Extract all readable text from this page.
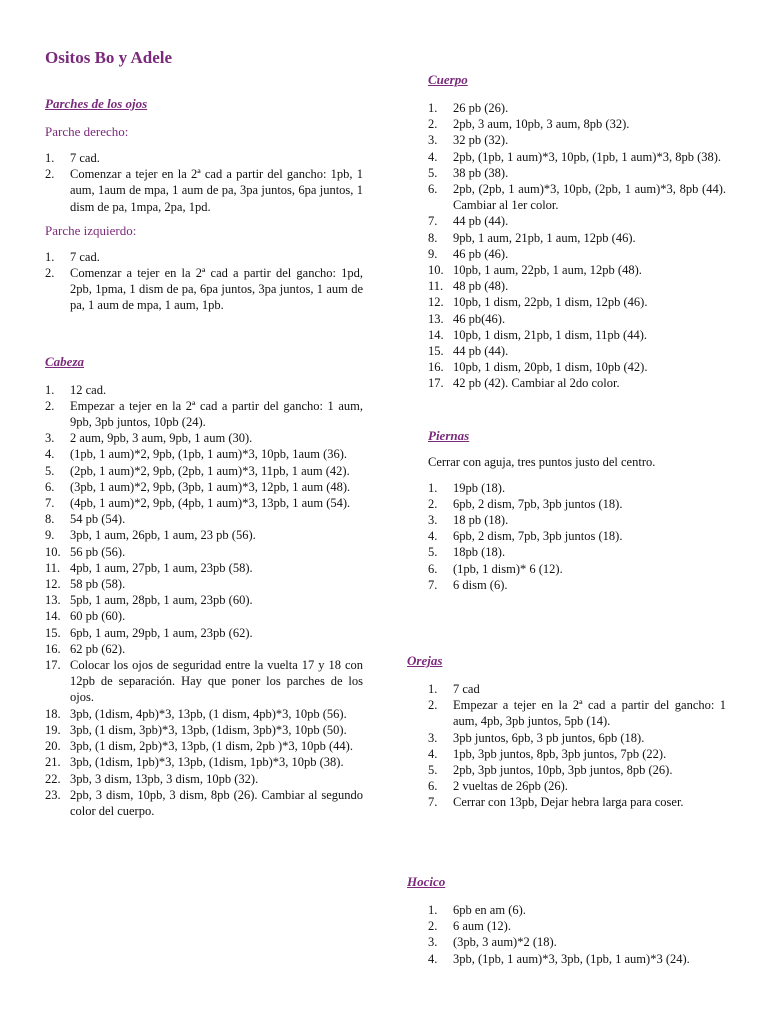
Ositos Bo y Adele
Parches de los ojos
Parche derecho:
1.	7 cad.
2.	Comenzar a tejer en la 2ª cad a partir del gancho: 1pb, 1 aum, 1aum de mpa, 1 aum de pa, 3pa juntos, 6pa juntos, 1 dism de pa, 1mpa, 2pa, 1pd.
Parche izquierdo:
1.	7 cad.
2.	Comenzar a tejer en la 2ª cad a partir del gancho: 1pd, 2pb, 1pma, 1 dism de pa, 6pa juntos, 3pa juntos, 1 aum de pa, 1 aum de mpa, 1 aum, 1pb.
Cabeza
1.	12 cad.
2.	Empezar a tejer en la 2ª cad a partir del gancho: 1 aum, 9pb, 3pb juntos, 10pb (24).
3.	2 aum, 9pb, 3 aum, 9pb, 1 aum (30).
4.	(1pb, 1 aum)*2, 9pb, (1pb, 1 aum)*3, 10pb, 1aum (36).
5.	(2pb, 1 aum)*2, 9pb, (2pb, 1 aum)*3, 11pb, 1 aum (42).
6.	(3pb, 1 aum)*2, 9pb, (3pb, 1 aum)*3, 12pb, 1 aum (48).
7.	(4pb, 1 aum)*2, 9pb, (4pb, 1 aum)*3, 13pb, 1 aum (54).
8.	54 pb (54).
9.	3pb, 1 aum, 26pb, 1 aum, 23 pb (56).
10. 56 pb (56).
11. 4pb, 1 aum, 27pb, 1 aum, 23pb (58).
12. 58 pb (58).
13. 5pb, 1 aum, 28pb, 1 aum, 23pb (60).
14. 60 pb (60).
15. 6pb, 1 aum, 29pb, 1 aum, 23pb (62).
16. 62 pb (62).
17. Colocar los ojos de seguridad entre la vuelta 17 y 18 con 12pb de separación. Hay que poner los parches de los ojos.
18. 3pb, (1dism, 4pb)*3, 13pb, (1 dism, 4pb)*3, 10pb (56).
19. 3pb, (1 dism, 3pb)*3, 13pb, (1dism, 3pb)*3, 10pb (50).
20. 3pb, (1 dism, 2pb)*3, 13pb, (1 dism, 2pb )*3, 10pb (44).
21. 3pb, (1dism, 1pb)*3, 13pb, (1dism, 1pb)*3, 10pb (38).
22. 3pb, 3 dism, 13pb, 3 dism, 10pb (32).
23. 2pb, 3 dism, 10pb, 3 dism, 8pb (26). Cambiar al segundo color del cuerpo.
Cuerpo
1.	26 pb (26).
2.	2pb, 3 aum, 10pb, 3 aum, 8pb (32).
3.	32 pb (32).
4.	2pb, (1pb, 1 aum)*3, 10pb, (1pb, 1 aum)*3, 8pb (38).
5.	38 pb (38).
6.	2pb, (2pb, 1 aum)*3, 10pb, (2pb, 1 aum)*3, 8pb (44). Cambiar al 1er color.
7.	44 pb (44).
8.	9pb, 1 aum, 21pb, 1 aum, 12pb (46).
9.	46 pb (46).
10. 10pb, 1 aum, 22pb, 1 aum, 12pb (48).
11. 48 pb (48).
12. 10pb, 1 dism, 22pb, 1 dism, 12pb (46).
13. 46 pb(46).
14. 10pb, 1 dism, 21pb, 1 dism, 11pb (44).
15. 44 pb (44).
16. 10pb, 1 dism, 20pb, 1 dism, 10pb (42).
17. 42 pb (42). Cambiar al 2do color.
Piernas

Cerrar con aguja, tres puntos justo del centro.

1.	19pb (18).
2.	6pb, 2 dism, 7pb, 3pb juntos (18).
3.	18 pb (18).
4.	6pb, 2 dism, 7pb, 3pb juntos (18).
5.	18pb (18).
6.	(1pb, 1 dism)* 6 (12).
7.	6 dism (6).
Orejas
1.	7 cad
2.	Empezar a tejer en la 2ª cad a partir del gancho: 1 aum, 4pb, 3pb juntos, 5pb (14).
3.	3pb juntos, 6pb, 3 pb juntos, 6pb (18).
4.	1pb, 3pb juntos, 8pb, 3pb juntos, 7pb (22).
5.	2pb, 3pb juntos, 10pb, 3pb juntos, 8pb (26).
6.	2 vueltas de 26pb (26).
7.	Cerrar con 13pb, Dejar hebra larga para coser.
Hocico
1.	6pb en am (6).
2.	6 aum (12).
3.	(3pb, 3 aum)*2 (18).
4.	3pb, (1pb, 1 aum)*3, 3pb, (1pb, 1 aum)*3 (24).
